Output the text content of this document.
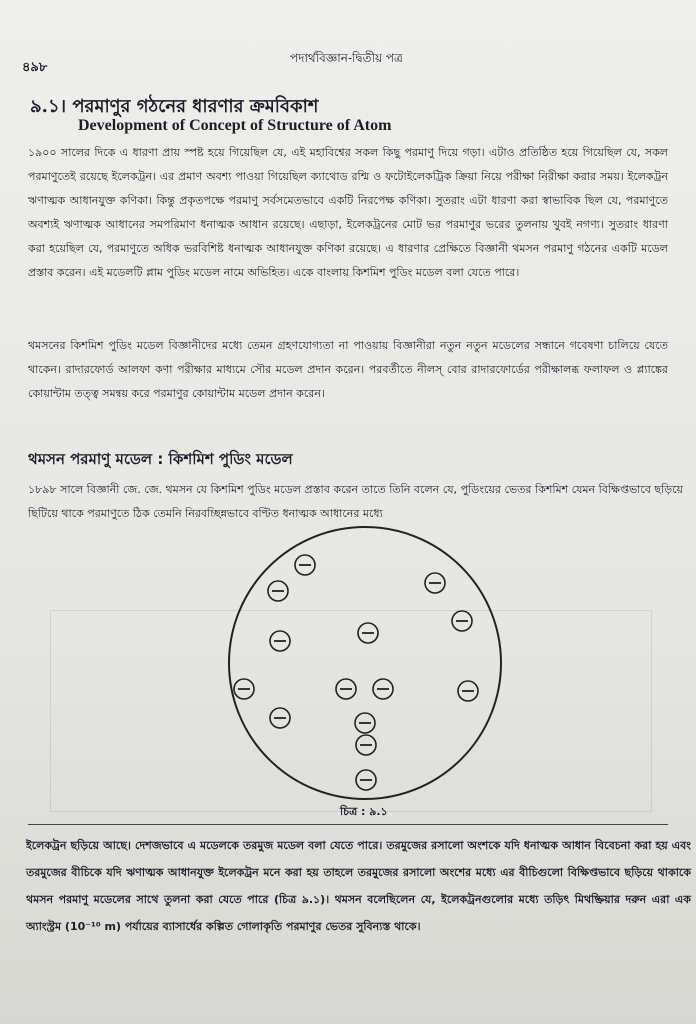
৪৯৮
পদার্থবিজ্ঞান-দ্বিতীয় পত্র
৯.১। পরমাণুর গঠনের ধারণার ক্রমবিকাশ
Development of Concept of Structure of Atom
১৯০০ সালের দিকে এ ধারণা প্রায় স্পষ্ট হয়ে গিয়েছিল যে, এই মহাবিশ্বের সকল কিছু পরমাণু দিয়ে গড়া। এটাও প্রতিষ্ঠিত হয়ে গিয়েছিল যে, সকল পরমাণুতেই রয়েছে ইলেকট্রন। এর প্রমাণ অবশ্য পাওয়া গিয়েছিল ক্যাথোড রশ্মি ও ফটোইলেকট্রিক ক্রিয়া নিয়ে পরীক্ষা নিরীক্ষা করার সময়। ইলেকট্রন ঋণাত্মক আধানযুক্ত কণিকা। কিন্তু প্রকৃতপক্ষে পরমাণু সর্বসমেতভাবে একটি নিরপেক্ষ কণিকা। সুতরাং এটা ধারণা করা স্বাভাবিক ছিল যে, পরমাণুতে অবশ্যই ঋণাত্মক আধানের সমপরিমাণ ধনাত্মক আধান রয়েছে। এছাড়া, ইলেকট্রনের মোট ভর পরমাণুর ভরের তুলনায় খুবই নগণ্য। সুতরাং ধারণা করা হয়েছিল যে, পরমাণুতে অধিক ভরবিশিষ্ট ধনাত্মক আধানযুক্ত কণিকা রয়েছে। এ ধারণার প্রেক্ষিতে বিজ্ঞানী থমসন পরমাণু গঠনের একটি মডেল প্রস্তাব করেন। এই মডেলটি প্লাম পুডিং মডেল নামে অভিহিত। একে বাংলায় কিশমিশ পুডিং মডেল বলা যেতে পারে।
থমসনের কিশমিশ পুডিং মডেল বিজ্ঞানীদের মধ্যে তেমন গ্রহণযোগ্যতা না পাওয়ায় বিজ্ঞানীরা নতুন নতুন মডেলের সন্ধানে গবেষণা চালিয়ে যেতে থাকেন। রাদারফোর্ড আলফা কণা পরীক্ষার মাধ্যমে সৌর মডেল প্রদান করেন। পরবর্তীতে নীলস্ বোর রাদারফোর্ডের পরীক্ষালব্ধ ফলাফল ও প্ল্যাঙ্কের কোয়ান্টাম তত্ত্ব সমন্বয় করে পরমাণুর কোয়ান্টাম মডেল প্রদান করেন।
থমসন পরমাণু মডেল : কিশমিশ পুডিং মডেল
১৮৯৮ সালে বিজ্ঞানী জে. জে. থমসন যে কিশমিশ পুডিং মডেল প্রস্তাব করেন তাতে তিনি বলেন যে, পুডিংয়ের ভেতর কিশমিশ যেমন বিক্ষিপ্তভাবে ছড়িয়ে ছিটিয়ে থাকে পরমাণুতে ঠিক তেমনি নিরবচ্ছিন্নভাবে বণ্টিত ধনাত্মক আধানের মধ্যে
চিত্র : ৯.১
ইলেকট্রন ছড়িয়ে আছে। দেশজভাবে এ মডেলকে তরমুজ মডেল বলা যেতে পারে। তরমুজের রসালো অংশকে যদি ধনাত্মক আধান বিবেচনা করা হয় এবং তরমুজের বীচিকে যদি ঋণাত্মক আধানযুক্ত ইলেকট্রন মনে করা হয় তাহলে তরমুজের রসালো অংশের মধ্যে এর বীচিগুলো বিক্ষিপ্তভাবে ছড়িয়ে থাকাকে থমসন পরমাণু মডেলের সাথে তুলনা করা যেতে পারে (চিত্র ৯.১)। থমসন বলেছিলেন যে, ইলেকট্রনগুলোর মধ্যে তড়িৎ মিথষ্ক্রিয়ার দরুন এরা এক অ্যাংস্ট্রম (10⁻¹⁰ m) পর্যায়ের ব্যাসার্ধের কল্পিত গোলাকৃতি পরমাণুর ভেতর সুবিন্যস্ত থাকে।
